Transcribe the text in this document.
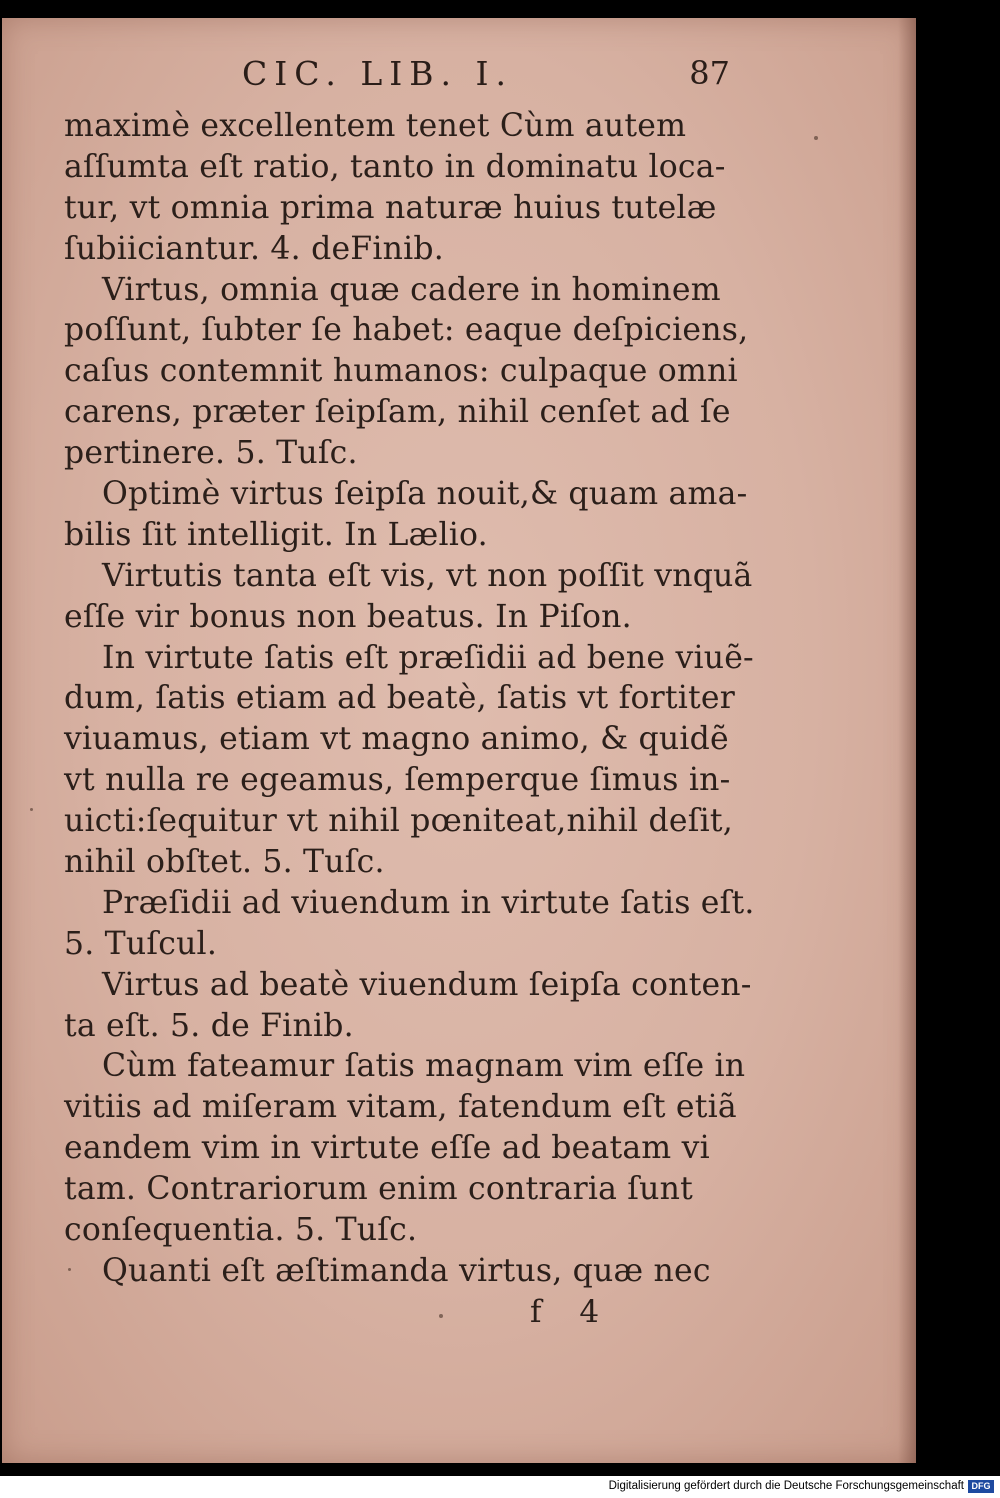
CIC. LIB. I.	87
maximè excellentem tenet Cùm autem
aſſumta eſt ratio, tanto in dominatu loca-
tur, vt omnia prima naturæ huius tutelæ
ſubiiciantur. 4. deFinib.
Virtus, omnia quæ cadere in hominem
poſſunt, ſubter ſe habet: eaque deſpiciens,
caſus contemnit humanos: culpaque omni
carens, præter ſeipſam, nihil cenſet ad ſe
pertinere. 5. Tuſc.
Optimè virtus ſeipſa nouit,& quam ama-
bilis ſit intelligit. In Lælio.
Virtutis tanta eſt vis, vt non poſſit vnquã
eſſe vir bonus non beatus. In Piſon.
In virtute ſatis eſt præſidii ad bene viuẽ-
dum, ſatis etiam ad beatè, ſatis vt fortiter
viuamus, etiam vt magno animo, & quidẽ
vt nulla re egeamus, ſemperque ſimus in-
uicti:ſequitur vt nihil pœniteat,nihil deſit,
nihil obſtet. 5. Tuſc.
Præſidii ad viuendum in virtute ſatis eſt.
5. Tuſcul.
Virtus ad beatè viuendum ſeipſa conten-
ta eſt. 5. de Finib.
Cùm fateamur ſatis magnam vim eſſe in
vitiis ad miſeram vitam, fatendum eſt etiã
eandem vim in virtute eſſe ad beatam vi
tam. Contrariorum enim contraria ſunt
conſequentia. 5. Tuſc.
Quanti eſt æſtimanda virtus, quæ nec
f 4
Digitalisierung gefördert durch die Deutsche Forschungsgemeinschaft DFG
